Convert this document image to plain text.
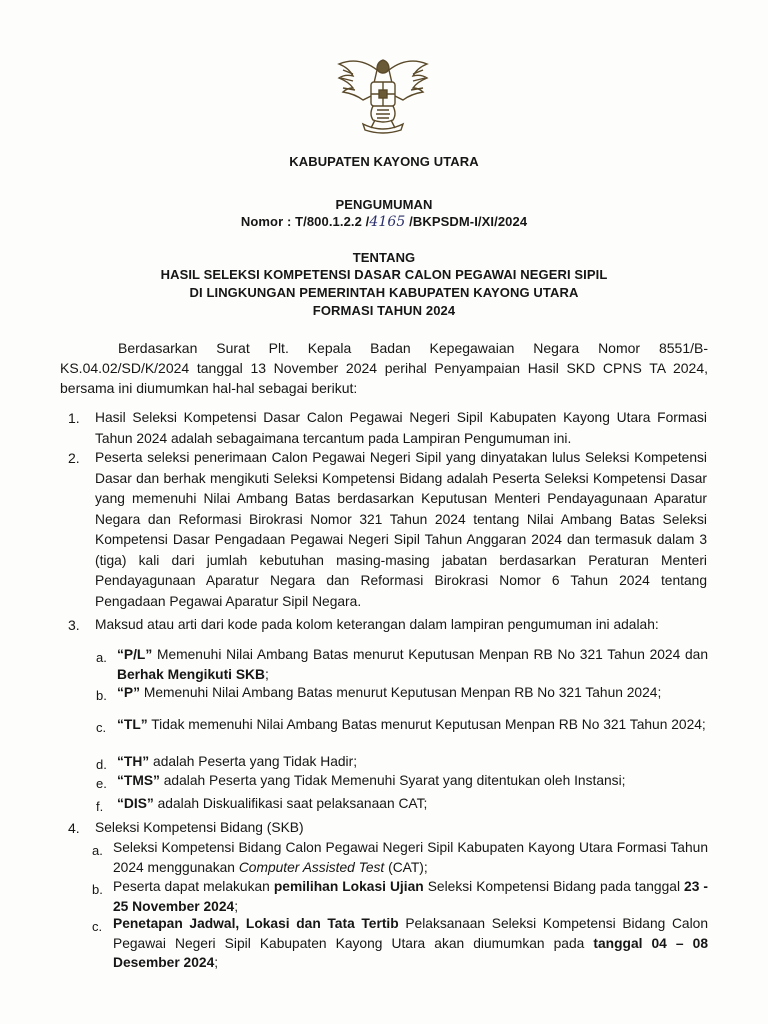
KABUPATEN KAYONG UTARA
PENGUMUMAN
Nomor : T/800.1.2.2 /4165 /BKPSDM-I/XI/2024
TENTANG
HASIL SELEKSI KOMPETENSI DASAR CALON PEGAWAI NEGERI SIPIL
DI LINGKUNGAN PEMERINTAH KABUPATEN KAYONG UTARA
FORMASI TAHUN 2024
Berdasarkan Surat Plt. Kepala Badan Kepegawaian Negara Nomor 8551/B-KS.04.02/SD/K/2024 tanggal 13 November 2024 perihal Penyampaian Hasil SKD CPNS TA 2024, bersama ini diumumkan hal-hal sebagai berikut:
1. Hasil Seleksi Kompetensi Dasar Calon Pegawai Negeri Sipil Kabupaten Kayong Utara Formasi Tahun 2024 adalah sebagaimana tercantum pada Lampiran Pengumuman ini.
2. Peserta seleksi penerimaan Calon Pegawai Negeri Sipil yang dinyatakan lulus Seleksi Kompetensi Dasar dan berhak mengikuti Seleksi Kompetensi Bidang adalah Peserta Seleksi Kompetensi Dasar yang memenuhi Nilai Ambang Batas berdasarkan Keputusan Menteri Pendayagunaan Aparatur Negara dan Reformasi Birokrasi Nomor 321 Tahun 2024 tentang Nilai Ambang Batas Seleksi Kompetensi Dasar Pengadaan Pegawai Negeri Sipil Tahun Anggaran 2024 dan termasuk dalam 3 (tiga) kali dari jumlah kebutuhan masing-masing jabatan berdasarkan Peraturan Menteri Pendayagunaan Aparatur Negara dan Reformasi Birokrasi Nomor 6 Tahun 2024 tentang Pengadaan Pegawai Aparatur Sipil Negara.
3. Maksud atau arti dari kode pada kolom keterangan dalam lampiran pengumuman ini adalah:
a. “P/L” Memenuhi Nilai Ambang Batas menurut Keputusan Menpan RB No 321 Tahun 2024 dan Berhak Mengikuti SKB;
b. “P” Memenuhi Nilai Ambang Batas menurut Keputusan Menpan RB No 321 Tahun 2024;
c. “TL” Tidak memenuhi Nilai Ambang Batas menurut Keputusan Menpan RB No 321 Tahun 2024;
d. “TH” adalah Peserta yang Tidak Hadir;
e. “TMS” adalah Peserta yang Tidak Memenuhi Syarat yang ditentukan oleh Instansi;
f. “DIS” adalah Diskualifikasi saat pelaksanaan CAT;
4. Seleksi Kompetensi Bidang (SKB)
a. Seleksi Kompetensi Bidang Calon Pegawai Negeri Sipil Kabupaten Kayong Utara Formasi Tahun 2024 menggunakan Computer Assisted Test (CAT);
b. Peserta dapat melakukan pemilihan Lokasi Ujian Seleksi Kompetensi Bidang pada tanggal 23 - 25 November 2024;
c. Penetapan Jadwal, Lokasi dan Tata Tertib Pelaksanaan Seleksi Kompetensi Bidang Calon Pegawai Negeri Sipil Kabupaten Kayong Utara akan diumumkan pada tanggal 04 – 08 Desember 2024;
